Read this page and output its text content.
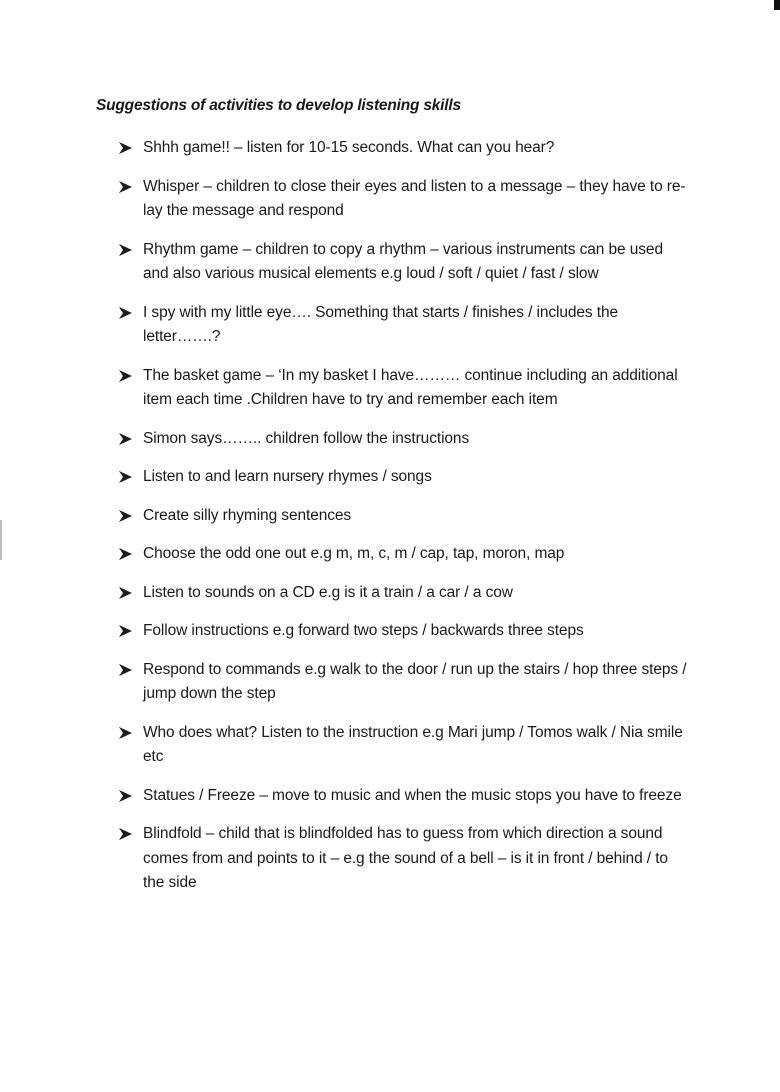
Suggestions of activities to develop listening skills
Shhh game!! – listen for 10-15 seconds. What can you hear?
Whisper – children to close their eyes and listen to a message – they have to re-lay the message and respond
Rhythm game – children to copy a rhythm – various instruments can be used and also various musical elements e.g loud / soft / quiet / fast / slow
I spy with my little eye…. Something that starts / finishes / includes the letter…….?
The basket game – ‘In my basket I have……… continue including an additional item each time .Children have to try and remember each item
Simon says…….. children follow the instructions
Listen to and learn nursery rhymes / songs
Create silly rhyming sentences
Choose the odd one out e.g m, m, c, m / cap, tap, moron, map
Listen to sounds on a CD e.g is it a train / a car / a cow
Follow instructions e.g forward two steps / backwards three steps
Respond to commands e.g walk to the door / run up the stairs / hop three steps / jump down the step
Who does what? Listen to the instruction e.g Mari jump / Tomos walk / Nia smile etc
Statues / Freeze – move to music and when the music stops you have to freeze
Blindfold – child that is blindfolded has to guess from which direction a sound comes from and points to it – e.g the sound of a bell – is it in front / behind / to the side
